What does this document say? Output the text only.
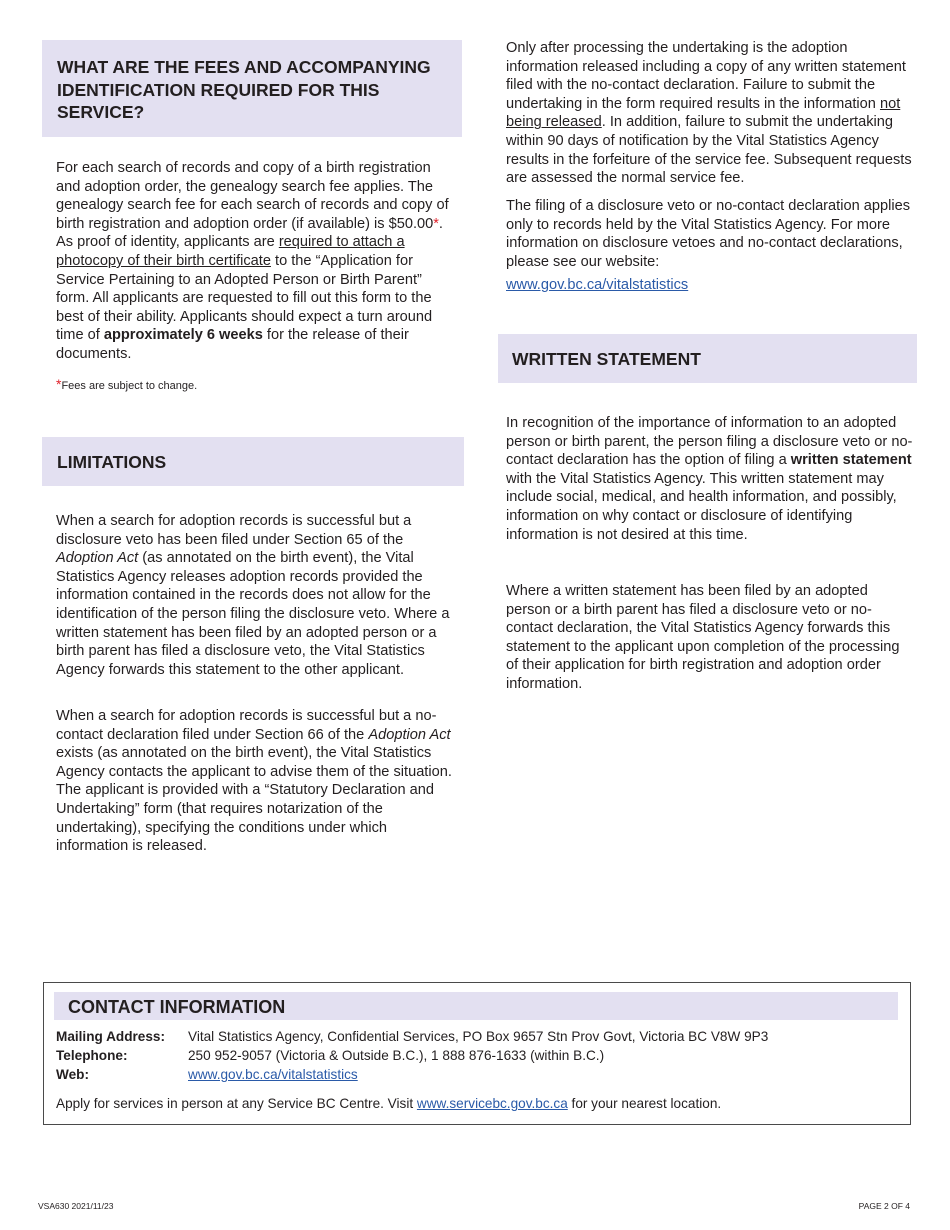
WHAT ARE THE FEES AND ACCOMPANYING IDENTIFICATION REQUIRED FOR THIS SERVICE?

For each search of records and copy of a birth registration and adoption order, the genealogy search fee applies. The genealogy search fee for each search of records and copy of birth registration and adoption order (if available) is $50.00*. As proof of identity, applicants are required to attach a photocopy of their birth certificate to the “Application for Service Pertaining to an Adopted Person or Birth Parent” form. All applicants are requested to fill out this form to the best of their ability. Applicants should expect a turn around time of approximately 6 weeks for the release of their documents.

*Fees are subject to change.

LIMITATIONS

When a search for adoption records is successful but a disclosure veto has been filed under Section 65 of the Adoption Act (as annotated on the birth event), the Vital Statistics Agency releases adoption records provided the information contained in the records does not allow for the identification of the person filing the disclosure veto. Where a written statement has been filed by an adopted person or a birth parent has filed a disclosure veto, the Vital Statistics Agency forwards this statement to the other applicant.

When a search for adoption records is successful but a no-contact declaration filed under Section 66 of the Adoption Act exists (as annotated on the birth event), the Vital Statistics Agency contacts the applicant to advise them of the situation. The applicant is provided with a “Statutory Declaration and Undertaking” form (that requires notarization of the undertaking), specifying the conditions under which information is released.

Only after processing the undertaking is the adoption information released including a copy of any written statement filed with the no-contact declaration. Failure to submit the undertaking in the form required results in the information not being released. In addition, failure to submit the undertaking within 90 days of notification by the Vital Statistics Agency results in the forfeiture of the service fee. Subsequent requests are assessed the normal service fee.

The filing of a disclosure veto or no-contact declaration applies only to records held by the Vital Statistics Agency. For more information on disclosure vetoes and no-contact declarations, please see our website:

www.gov.bc.ca/vitalstatistics

WRITTEN STATEMENT

In recognition of the importance of information to an adopted person or birth parent, the person filing a disclosure veto or no-contact declaration has the option of filing a written statement with the Vital Statistics Agency. This written statement may include social, medical, and health information, and possibly, information on why contact or disclosure of identifying information is not desired at this time.

Where a written statement has been filed by an adopted person or a birth parent has filed a disclosure veto or no-contact declaration, the Vital Statistics Agency forwards this statement to the applicant upon completion of the processing of their application for birth registration and adoption order information.

CONTACT INFORMATION
Mailing Address:	Vital Statistics Agency, Confidential Services, PO Box 9657 Stn Prov Govt, Victoria BC V8W 9P3
Telephone:	250 952-9057 (Victoria & Outside B.C.), 1 888 876-1633 (within B.C.)
Web:	www.gov.bc.ca/vitalstatistics
Apply for services in person at any Service BC Centre. Visit www.servicebc.gov.bc.ca for your nearest location.
VSA630 2021/11/23	PAGE 2 OF 4
